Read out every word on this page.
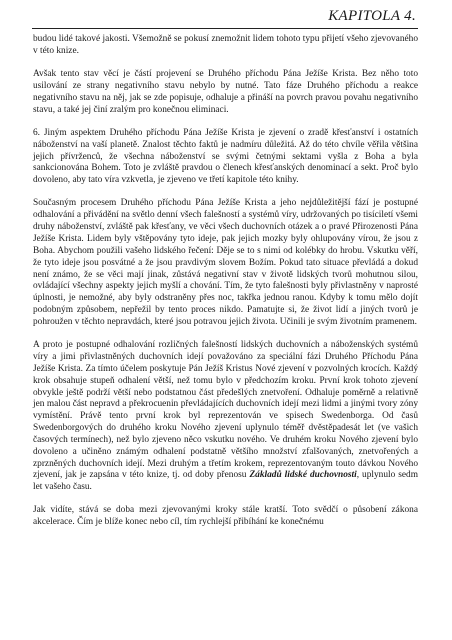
KAPITOLA 4.

budou lidé takové jakosti. Všemožně se pokusí znemožnit lidem tohoto typu přijetí všeho zjevovaného v této knize.

Avšak tento stav věcí je částí projevení se Druhého příchodu Pána Ježíše Krista. Bez něho toto usilování ze strany negativního stavu nebylo by nutné. Tato fáze Druhého příchodu a reakce negativního stavu na něj, jak se zde popisuje, odhaluje a přináší na povrch pravou povahu negativního stavu, a také jej činí zralým pro konečnou eliminaci.

6. Jiným aspektem Druhého příchodu Pána Ježíše Krista je zjevení o zradě křesťanství i ostatních náboženství na vaší planetě. Znalost těchto faktů je nadmíru důležitá. Až do této chvíle věřila většina jejich přívrženců, že všechna náboženství se svými četnými sektami vyšla z Boha a byla sankcionována Bohem. Toto je zvláště pravdou o členech křesťanských denominací a sekt. Proč bylo dovoleno, aby tato víra vzkvetla, je zjeveno ve třetí kapitole této knihy.

Současným procesem Druhého příchodu Pána Ježíše Krista a jeho nejdůležitější fází je postupné odhalování a přivádění na světlo denní všech falešností a systémů víry, udržovaných po tisíciletí všemi druhy náboženství, zvláště pak křesťany, ve věci všech duchovních otázek a o pravé Přirozenosti Pána Ježíše Krista. Lidem byly vštěpovány tyto ideje, pak jejich mozky byly ohlupovány vírou, že jsou z Boha. Abychom použili vašeho lidského řečení: Děje se to s nimi od kolébky do hrobu. Vskutku věří, že tyto ideje jsou posvátné a že jsou pravdivým slovem Božím. Pokud tato situace převládá a dokud není známo, že se věci mají jinak, zůstává negativní stav v životě lidských tvorů mohutnou silou, ovládající všechny aspekty jejich myšlí a chování. Tím, že tyto falešnosti byly přivlastněny v naprosté úplnosti, je nemožné, aby byly odstraněny přes noc, takřka jednou ranou. Kdyby k tomu mělo dojít podobným způsobem, nepřežil by tento proces nikdo. Pamatujte si, že život lidí a jiných tvorů je pohroužen v těchto nepravdách, které jsou potravou jejich života. Učinili je svým životním pramenem.

A proto je postupné odhalování rozličných falešností lidských duchovních a náboženských systémů víry a jimi přivlastněných duchovních idejí považováno za speciální fázi Druhého Příchodu Pána Ježíše Krista. Za tímto účelem poskytuje Pán Ježíš Kristus Nové zjevení v pozvolných krocích. Každý krok obsahuje stupeň odhalení větší, než tomu bylo v předchozím kroku. První krok tohoto zjevení obvykle ještě podrží větší nebo podstatnou část předešlých znetvoření. Odhaluje poměrně a relativně jen malou část nepravd a překrocuenin převládajících duchovních idejí mezi lidmi a jinými tvory zóny vymístění. Právě tento první krok byl reprezentován ve spisech Swedenborga. Od časů Swedenborgových do druhého kroku Nového zjevení uplynulo téměř dvěstěpadesát let (ve vašich časových termínech), než bylo zjeveno něco vskutku nového. Ve druhém kroku Nového zjevení bylo dovoleno a učiněno známým odhalení podstatně většího množství zfalšovaných, znetvořených a zprzněných duchovních idejí. Mezi druhým a třetím krokem, reprezentovaným touto dávkou Nového zjevení, jak je zapsána v této knize, tj. od doby přenosu Základů lidské duchovnosti, uplynulo sedm let vašeho času.

Jak vidíte, stává se doba mezi zjevovanými kroky stále kratší. Toto svědčí o působení zákona akcelerace. Čím je blíže konec nebo cíl, tím rychlejší přibíhání ke konečnému
